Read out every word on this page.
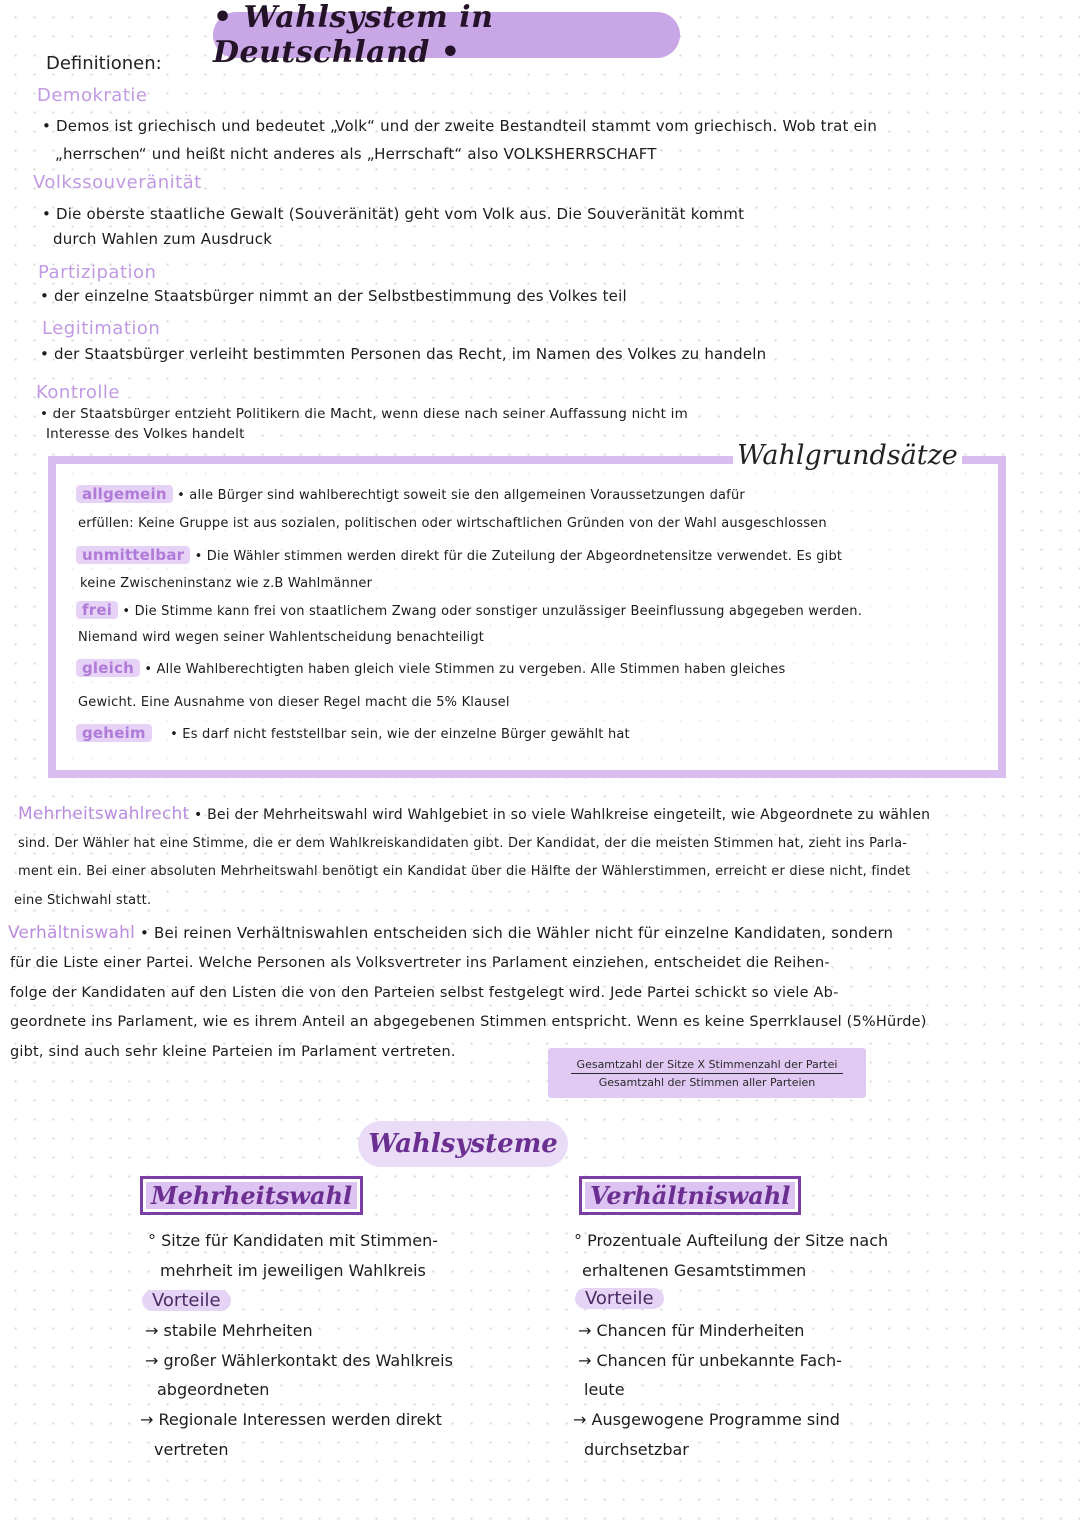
• Wahlsystem in Deutschland •
Definitionen:
Demokratie
• Demos ist griechisch und bedeutet „Volk“ und der zweite Bestandteil stammt vom griechisch. Wob trat ein
„herrschen“ und heißt nicht anderes als „Herrschaft“ also VOLKSHERRSCHAFT
Volkssouveränität
• Die oberste staatliche Gewalt (Souveränität) geht vom Volk aus. Die Souveränität kommt
durch Wahlen zum Ausdruck
Partizipation
• der einzelne Staatsbürger nimmt an der Selbstbestimmung des Volkes teil
Legitimation
• der Staatsbürger verleiht bestimmten Personen das Recht, im Namen des Volkes zu handeln
Kontrolle
• der Staatsbürger entzieht Politikern die Macht, wenn diese nach seiner Auffassung nicht im
Interesse des Volkes handelt
Wahlgrundsätze
allgemein • alle Bürger sind wahlberechtigt soweit sie den allgemeinen Voraussetzungen dafür
erfüllen: Keine Gruppe ist aus sozialen, politischen oder wirtschaftlichen Gründen von der Wahl ausgeschlossen
unmittelbar • Die Wähler stimmen werden direkt für die Zuteilung der Abgeordnetensitze verwendet. Es gibt
keine Zwischeninstanz wie z.B Wahlmänner
frei • Die Stimme kann frei von staatlichem Zwang oder sonstiger unzulässiger Beeinflussung abgegeben werden.
Niemand wird wegen seiner Wahlentscheidung benachteiligt
gleich • Alle Wahlberechtigten haben gleich viele Stimmen zu vergeben. Alle Stimmen haben gleiches
Gewicht. Eine Ausnahme von dieser Regel macht die 5% Klausel
geheim • Es darf nicht feststellbar sein, wie der einzelne Bürger gewählt hat
Mehrheitswahlrecht • Bei der Mehrheitswahl wird Wahlgebiet in so viele Wahlkreise eingeteilt, wie Abgeordnete zu wählen
sind. Der Wähler hat eine Stimme, die er dem Wahlkreiskandidaten gibt. Der Kandidat, der die meisten Stimmen hat, zieht ins Parla-
ment ein. Bei einer absoluten Mehrheitswahl benötigt ein Kandidat über die Hälfte der Wählerstimmen, erreicht er diese nicht, findet
eine Stichwahl statt.
Verhältniswahl • Bei reinen Verhältniswahlen entscheiden sich die Wähler nicht für einzelne Kandidaten, sondern
für die Liste einer Partei. Welche Personen als Volksvertreter ins Parlament einziehen, entscheidet die Reihen-
folge der Kandidaten auf den Listen die von den Parteien selbst festgelegt wird. Jede Partei schickt so viele Ab-
geordnete ins Parlament, wie es ihrem Anteil an abgegebenen Stimmen entspricht. Wenn es keine Sperrklausel (5%Hürde)
gibt, sind auch sehr kleine Parteien im Parlament vertreten.
Gesamtzahl der Sitze X Stimmenzahl der Partei
Gesamtzahl der Stimmen aller Parteien
Wahlsysteme
Mehrheitswahl
° Sitze für Kandidaten mit Stimmen-
mehrheit im jeweiligen Wahlkreis
Vorteile
→ stabile Mehrheiten
→ großer Wählerkontakt des Wahlkreis
abgeordneten
→ Regionale Interessen werden direkt
vertreten
Verhältniswahl
° Prozentuale Aufteilung der Sitze nach
erhaltenen Gesamtstimmen
Vorteile
→ Chancen für Minderheiten
→ Chancen für unbekannte Fach-
leute
→ Ausgewogene Programme sind
durchsetzbar
